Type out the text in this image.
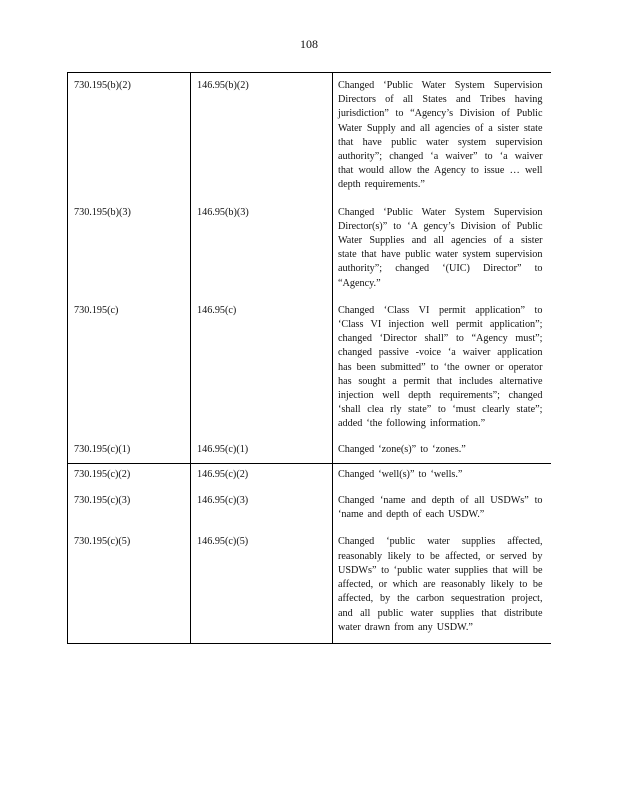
108
730.195(b)(2)	146.95(b)(2)	Changed ‘Public Water System Supervision Directors of all States and Tribes having jurisdiction” to “Agency’s Division of Public Water Supply and all agencies of a sister state that have public water system supervision authority”; changed ‘a waiver” to ‘a waiver that would allow the Agency to issue … well depth requirements.”
730.195(b)(3)	146.95(b)(3)	Changed ‘Public Water System Supervision Director(s)” to ‘A gency’s Division of Public Water Supplies and all agencies of a sister state that have public water system supervision authority”; changed ‘(UIC) Director” to “Agency.”
730.195(c)	146.95(c)	Changed ‘Class VI permit application” to ‘Class VI injection well permit application”; changed ‘Director shall” to “Agency must”; changed passive -voice ‘a waiver application has been submitted” to ‘the owner or operator has sought a permit that includes alternative injection well depth requirements”; changed ‘shall clea rly state” to ‘must clearly state”; added ‘the following information.”
730.195(c)(1)	146.95(c)(1)	Changed ‘zone(s)” to ‘zones.”
730.195(c)(2)	146.95(c)(2)	Changed ‘well(s)” to ‘wells.”
730.195(c)(3)	146.95(c)(3)	Changed ‘name and depth of all USDWs” to ‘name and depth of each USDW.”
730.195(c)(5)	146.95(c)(5)	Changed ‘public water supplies affected, reasonably likely to be affected, or served by USDWs” to ‘public water supplies that will be affected, or which are reasonably likely to be affected, by the carbon sequestration project, and all public water supplies that distribute water drawn from any USDW.”
